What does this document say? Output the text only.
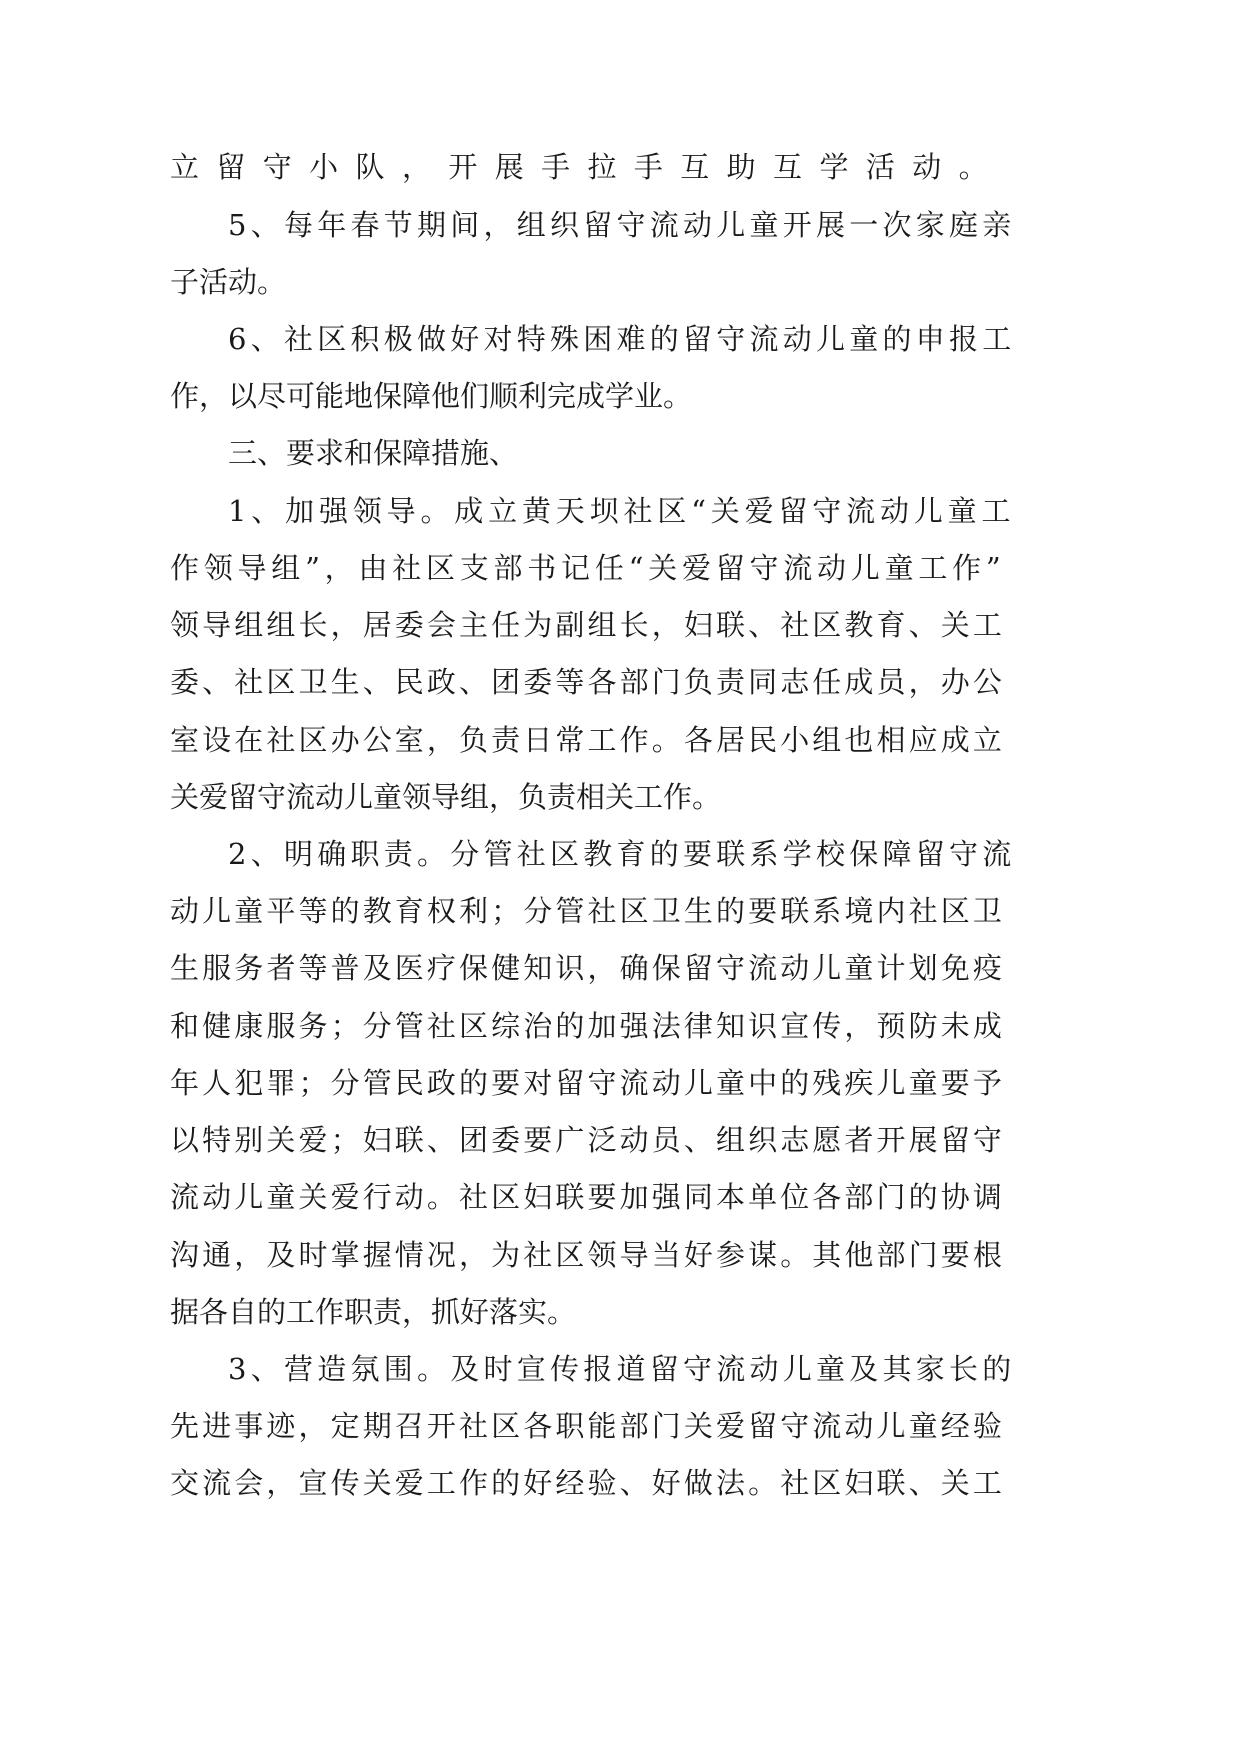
立留守小队，开展手拉手互助互学活动。

5、每年春节期间，组织留守流动儿童开展一次家庭亲

子活动。

6、社区积极做好对特殊困难的留守流动儿童的申报工

作，以尽可能地保障他们顺利完成学业。

三、要求和保障措施、

1、加强领导。成立黄天坝社区“关爱留守流动儿童工

作领导组”，由社区支部书记任“关爱留守流动儿童工作”

领导组组长，居委会主任为副组长，妇联、社区教育、关工

委、社区卫生、民政、团委等各部门负责同志任成员，办公

室设在社区办公室，负责日常工作。各居民小组也相应成立

关爱留守流动儿童领导组，负责相关工作。

2、明确职责。分管社区教育的要联系学校保障留守流

动儿童平等的教育权利；分管社区卫生的要联系境内社区卫

生服务者等普及医疗保健知识，确保留守流动儿童计划免疫

和健康服务；分管社区综治的加强法律知识宣传，预防未成

年人犯罪；分管民政的要对留守流动儿童中的残疾儿童要予

以特别关爱；妇联、团委要广泛动员、组织志愿者开展留守

流动儿童关爱行动。社区妇联要加强同本单位各部门的协调

沟通，及时掌握情况，为社区领导当好参谋。其他部门要根

据各自的工作职责，抓好落实。

3、营造氛围。及时宣传报道留守流动儿童及其家长的

先进事迹，定期召开社区各职能部门关爱留守流动儿童经验

交流会，宣传关爱工作的好经验、好做法。社区妇联、关工
